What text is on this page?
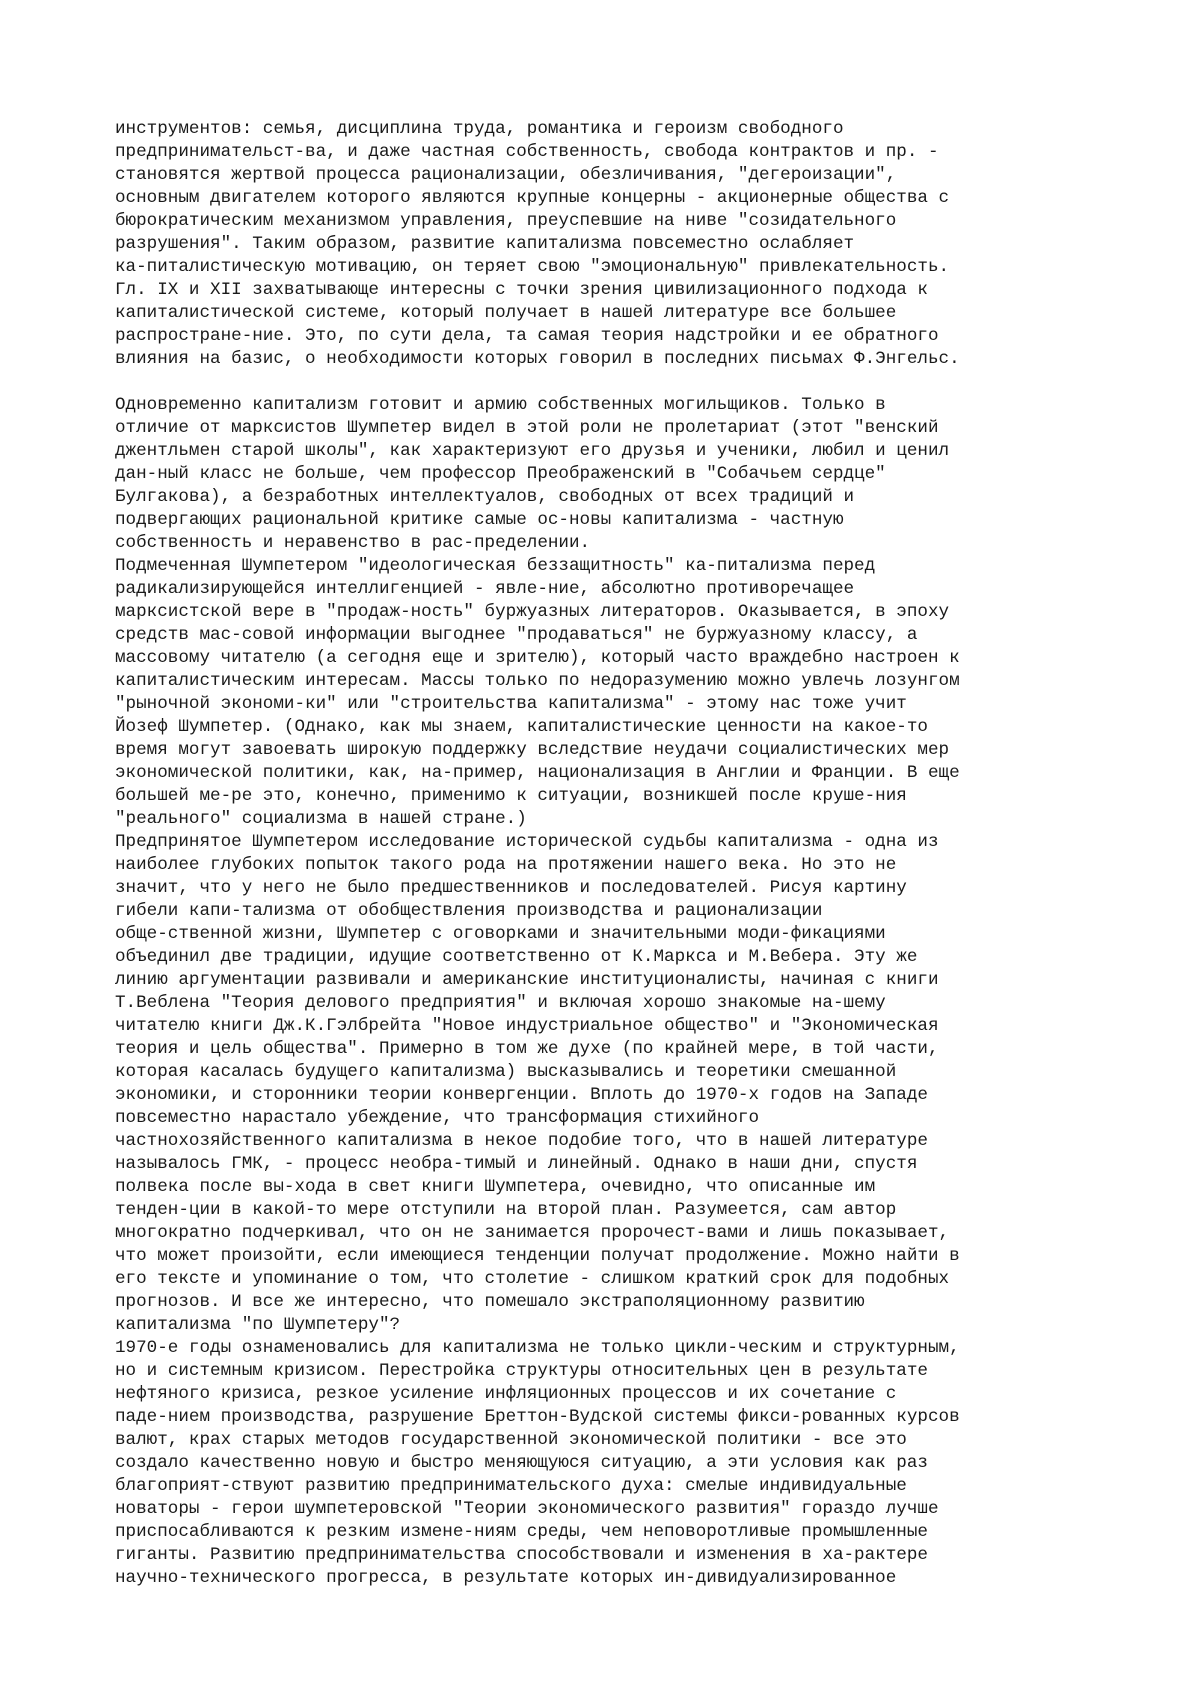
инструментов: семья, дисциплина труда, романтика и героизм свободного
предпринимательст-ва, и даже частная собственность, свобода контрактов и пр. -
становятся жертвой процесса рационализации, обезличивания, "дегероизации",
основным двигателем которого являются крупные концерны - акционерные общества с
бюрократическим механизмом управления, преуспевшие на ниве "созидательного
разрушения". Таким образом, развитие капитализма повсеместно ослабляет
ка-питалистическую мотивацию, он теряет свою "эмоциональную" привлекательность.
Гл. IX и XII захватывающе интересны с точки зрения цивилизационного подхода к
капиталистической системе, который получает в нашей литературе все большее
распростране-ние. Это, по сути дела, та самая теория надстройки и ее обратного
влияния на базис, о необходимости которых говорил в последних письмах Ф.Энгельс.
Одновременно капитализм готовит и армию собственных могильщиков. Только в
отличие от марксистов Шумпетер видел в этой роли не пролетариат (этот "венский
джентльмен старой школы", как характеризуют его друзья и ученики, любил и ценил
дан-ный класс не больше, чем профессор Преображенский в "Собачьем сердце"
Булгакова), а безработных интеллектуалов, свободных от всех традиций и
подвергающих рациональной критике самые ос-новы капитализма - частную
собственность и неравенство в рас-пределении.
Подмеченная Шумпетером "идеологическая беззащитность" ка-питализма перед
радикализирующейся интеллигенцией - явле-ние, абсолютно противоречащее
марксистской вере в "продаж-ность" буржуазных литераторов. Оказывается, в эпоху
средств мас-совой информации выгоднее "продаваться" не буржуазному классу, а
массовому читателю (а сегодня еще и зрителю), который часто враждебно настроен к
капиталистическим интересам. Массы только по недоразумению можно увлечь лозунгом
"рыночной экономи-ки" или "строительства капитализма" - этому нас тоже учит
Йозеф Шумпетер. (Однако, как мы знаем, капиталистические ценности на какое-то
время могут завоевать широкую поддержку вследствие неудачи социалистических мер
экономической политики, как, на-пример, национализация в Англии и Франции. В еще
большей ме-ре это, конечно, применимо к ситуации, возникшей после круше-ния
"реального" социализма в нашей стране.)
Предпринятое Шумпетером исследование исторической судьбы капитализма - одна из
наиболее глубоких попыток такого рода на протяжении нашего века. Но это не
значит, что у него не было предшественников и последователей. Рисуя картину
гибели капи-тализма от обобществления производства и рационализации
обще-ственной жизни, Шумпетер с оговорками и значительными моди-фикациями
объединил две традиции, идущие соответственно от К.Маркса и М.Вебера. Эту же
линию аргументации развивали и американские институционалисты, начиная с книги
Т.Веблена "Теория делового предприятия" и включая хорошо знакомые на-шему
читателю книги Дж.К.Гэлбрейта "Новое индустриальное общество" и "Экономическая
теория и цель общества". Примерно в том же духе (по крайней мере, в той части,
которая касалась будущего капитализма) высказывались и теоретики смешанной
экономики, и сторонники теории конвергенции. Вплоть до 1970-х годов на Западе
повсеместно нарастало убеждение, что трансформация стихийного
частнохозяйственного капитализма в некое подобие того, что в нашей литературе
называлось ГМК, - процесс необра-тимый и линейный. Однако в наши дни, спустя
полвека после вы-хода в свет книги Шумпетера, очевидно, что описанные им
тенден-ции в какой-то мере отступили на второй план. Разумеется, сам автор
многократно подчеркивал, что он не занимается пророчест-вами и лишь показывает,
что может произойти, если имеющиеся тенденции получат продолжение. Можно найти в
его тексте и упоминание о том, что столетие - слишком краткий срок для подобных
прогнозов. И все же интересно, что помешало экстраполяционному развитию
капитализма "по Шумпетеру"?
1970-е годы ознаменовались для капитализма не только цикли-ческим и структурным,
но и системным кризисом. Перестройка структуры относительных цен в результате
нефтяного кризиса, резкое усиление инфляционных процессов и их сочетание с
паде-нием производства, разрушение Бреттон-Вудской системы фикси-рованных курсов
валют, крах старых методов государственной экономической политики - все это
создало качественно новую и быстро меняющуюся ситуацию, а эти условия как раз
благоприят-ствуют развитию предпринимательского духа: смелые индивидуальные
новаторы - герои шумпетеровской "Теории экономического развития" гораздо лучше
приспосабливаются к резким измене-ниям среды, чем неповоротливые промышленные
гиганты. Развитию предпринимательства способствовали и изменения в ха-рактере
научно-технического прогресса, в результате которых ин-дивидуализированное
